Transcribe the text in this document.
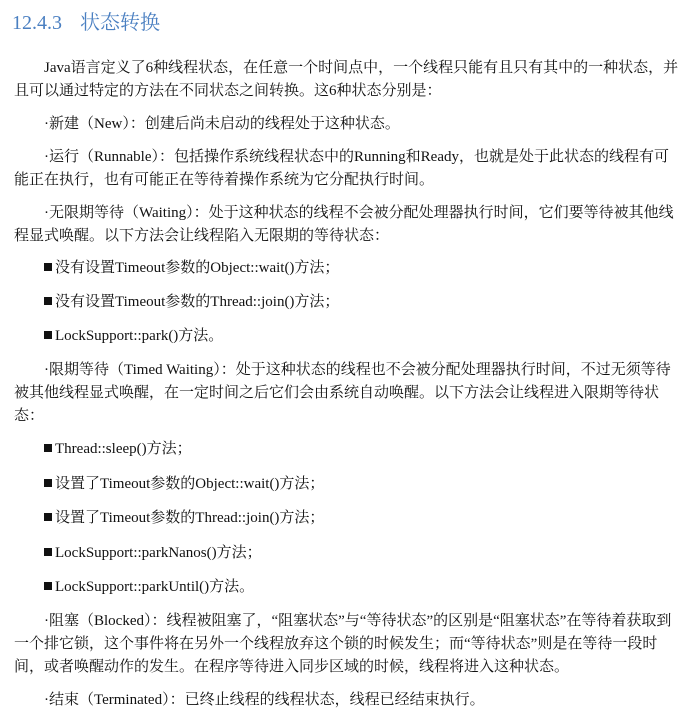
12.4.3 状态转换
Java语言定义了6种线程状态，在任意一个时间点中，一个线程只能有且只有其中的一种状态，并
且可以通过特定的方法在不同状态之间转换。这6种状态分别是：
·新建（New）：创建后尚未启动的线程处于这种状态。
·运行（Runnable）：包括操作系统线程状态中的Running和Ready，也就是处于此状态的线程有可
能正在执行，也有可能正在等待着操作系统为它分配执行时间。
·无限期等待（Waiting）：处于这种状态的线程不会被分配处理器执行时间，它们要等待被其他线
程显式唤醒。以下方法会让线程陷入无限期的等待状态：
没有设置Timeout参数的Object::wait()方法；
没有设置Timeout参数的Thread::join()方法；
LockSupport::park()方法。
·限期等待（Timed Waiting）：处于这种状态的线程也不会被分配处理器执行时间，不过无须等待
被其他线程显式唤醒，在一定时间之后它们会由系统自动唤醒。以下方法会让线程进入限期等待状
态：
Thread::sleep()方法；
设置了Timeout参数的Object::wait()方法；
设置了Timeout参数的Thread::join()方法；
LockSupport::parkNanos()方法；
LockSupport::parkUntil()方法。
·阻塞（Blocked）：线程被阻塞了，“阻塞状态”与“等待状态”的区别是“阻塞状态”在等待着获取到
一个排它锁，这个事件将在另外一个线程放弃这个锁的时候发生；而“等待状态”则是在等待一段时
间，或者唤醒动作的发生。在程序等待进入同步区域的时候，线程将进入这种状态。
·结束（Terminated）：已终止线程的线程状态，线程已经结束执行。
